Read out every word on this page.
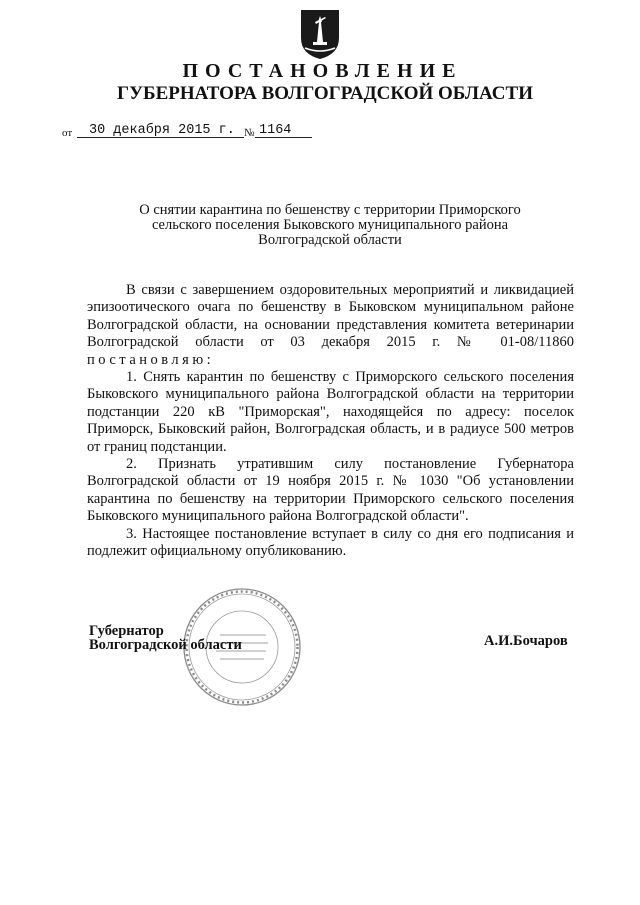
ПОСТАНОВЛЕНИЕ
ГУБЕРНАТОРА ВОЛГОГРАДСКОЙ ОБЛАСТИ
от 30 декабря 2015 г. № 1164
О снятии карантина по бешенству с территории Приморского
сельского поселения Быковского муниципального района
Волгоградской области

В связи с завершением оздоровительных мероприятий и ликвидацией эпизоотического очага по бешенству в Быковском муниципальном районе Волгоградской области, на основании представления комитета ветеринарии Волгоградской области от 03 декабря 2015 г. № 01-08/11860 постановляю:

1. Снять карантин по бешенству с Приморского сельского поселения Быковского муниципального района Волгоградской области на территории подстанции 220 кВ "Приморская", находящейся по адресу: поселок Приморск, Быковский район, Волгоградская область, и в радиусе 500 метров от границ подстанции.

2. Признать утратившим силу постановление Губернатора Волгоградской области от 19 ноября 2015 г. № 1030 "Об установлении карантина по бешенству на территории Приморского сельского поселения Быковского муниципального района Волгоградской области".

3. Настоящее постановление вступает в силу со дня его подписания и подлежит официальному опубликованию.

Губернатор
Волгоградской области	А.И.Бочаров
